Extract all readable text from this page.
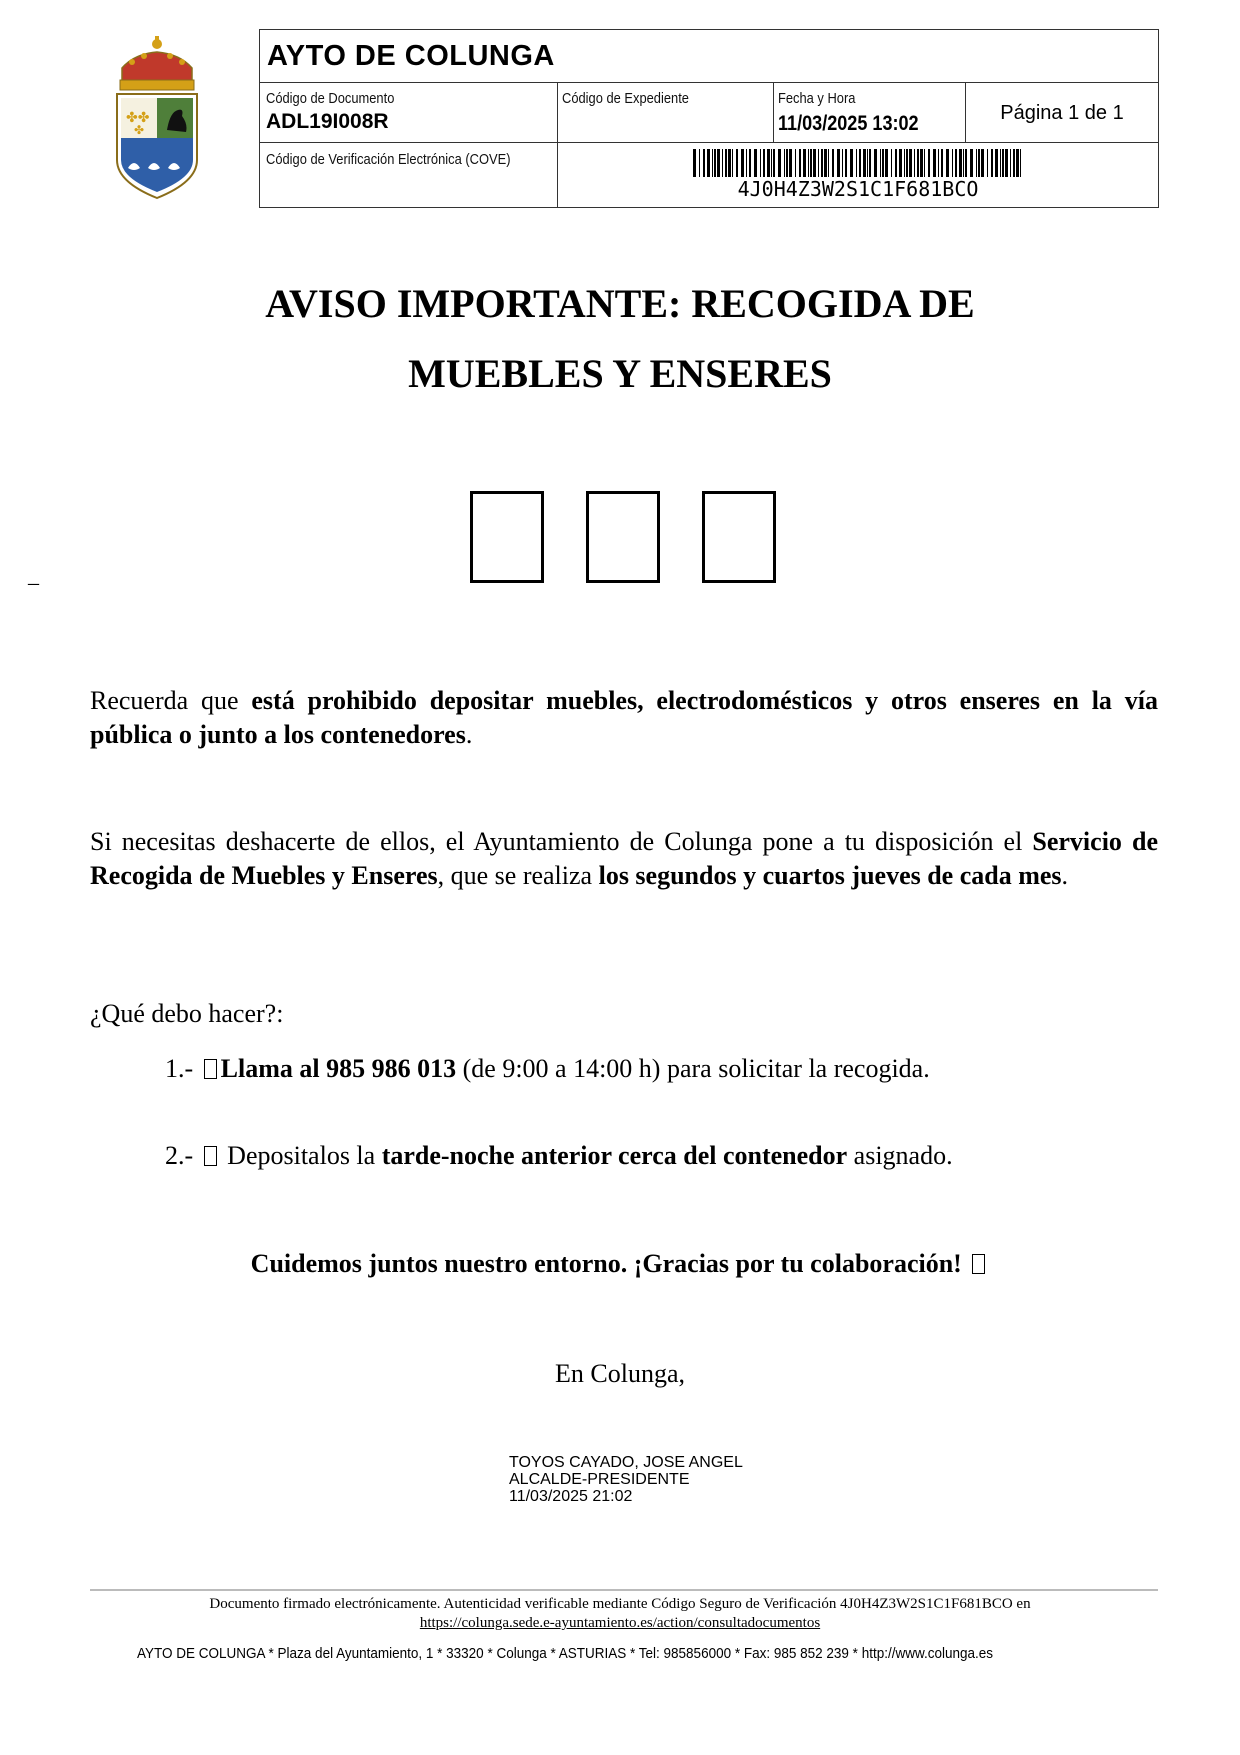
✤✤
✤
AYTO DE COLUNGA
Código de Documento
ADL19I008R
Código de Expediente	Fecha y Hora
11/03/2025 13:02	Página 1 de 1
Código de Verificación Electrónica (COVE)
4J0H4Z3W2S1C1F681BCO
AVISO IMPORTANTE: RECOGIDA DE
MUEBLES Y ENSERES
_
Recuerda que está prohibido depositar muebles, electrodomésticos y otros enseres en la vía pública o junto a los contenedores.
Si necesitas deshacerte de ellos, el Ayuntamiento de Colunga pone a tu disposición el Servicio de Recogida de Muebles y Enseres, que se realiza los segundos y cuartos jueves de cada mes.
¿Qué debo hacer?:
1.- Llama al 985 986 013 (de 9:00 a 14:00 h) para solicitar la recogida.
2.-  Depositalos la tarde-noche anterior cerca del contenedor asignado.
Cuidemos juntos nuestro entorno. ¡Gracias por tu colaboración!
En Colunga,
TOYOS CAYADO, JOSE ANGEL
ALCALDE-PRESIDENTE
11/03/2025 21:02
Documento firmado electrónicamente. Autenticidad verificable mediante Código Seguro de Verificación 4J0H4Z3W2S1C1F681BCO en
https://colunga.sede.e-ayuntamiento.es/action/consultadocumentos
AYTO DE COLUNGA * Plaza del Ayuntamiento, 1 * 33320 * Colunga * ASTURIAS * Tel: 985856000 * Fax: 985 852 239 * http://www.colunga.es
